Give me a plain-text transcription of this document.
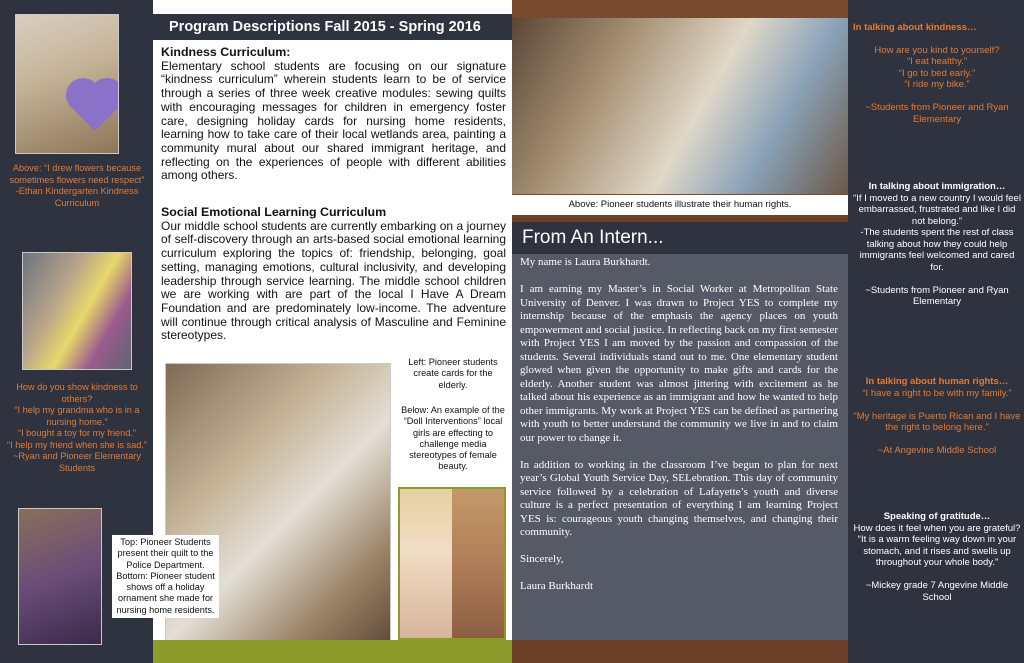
Above: “I drew flowers because sometimes flowers need respect”
-Ethan Kindergarten Kindness Curriculum
How do you show kindness to others?
“I help my grandma who is in a nursing home.”
“I bought a toy for my friend.”
“I help my friend when she is sad.”
~Ryan and Pioneer Elementary Students
Program Descriptions Fall 2015 - Spring 2016
Kindness Curriculum:

Elementary school students are focusing on our signature “kindness curriculum” wherein students learn to be of service through a series of three week creative modules: sewing quilts with encouraging messages for children in emergency foster care, designing holiday cards for nursing home residents, learning how to take care of their local wetlands area, painting a community mural about our shared immigrant heritage, and reflecting on the experiences of people with different abilities among others.

Social Emotional Learning Curriculum

Our middle school students are currently embarking on a journey of self-discovery through an arts-based social emotional learning curriculum exploring the topics of: friendship, belonging, goal setting, managing emotions, cultural inclusivity, and developing leadership through service learning. The middle school children we are working with are part of the local I Have A Dream Foundation and are predominately low-income. The adventure will continue through critical analysis of Masculine and Feminine stereotypes.

Left: Pioneer students create cards for the elderly.
Below: An example of the “Doll Interventions” local girls are effecting to challenge media stereotypes of female beauty.
Top: Pioneer Students present their quilt to the Police Department. Bottom: Pioneer student shows off a holiday ornament she made for nursing home residents.
Above: Pioneer students illustrate their human rights.
From An Intern...

My name is Laura Burkhardt.

I am earning my Master’s in Social Worker at Metropolitan State University of Denver. I was drawn to Project YES to complete my internship because of the emphasis the agency places on youth empowerment and social justice. In reflecting back on my first semester with Project YES I am moved by the passion and compassion of the students. Several individuals stand out to me. One elementary student glowed when given the opportunity to make gifts and cards for the elderly. Another student was almost jittering with excitement as he talked about his experience as an immigrant and how he wanted to help other immigrants. My work at Project YES can be defined as partnering with youth to better understand the community we live in and to claim our power to change it.

In addition to working in the classroom I’ve begun to plan for next year’s Global Youth Service Day, SELebration. This day of community service followed by a celebration of Lafayette’s youth and diverse culture is a perfect presentation of everything I am learning Project YES is: courageous youth changing themselves, and changing their community.

Sincerely,

Laura Burkhardt

In talking about kindness…
How are you kind to yourself?
“I eat healthy.”
“I go to bed early.”
“I ride my bike.”
~Students from Pioneer and Ryan Elementary
In talking about immigration…
“If I moved to a new country I would feel embarrassed, frustrated and like I did not belong.”
-The students spent the rest of class talking about how they could help immigrants feel welcomed and cared for.
~Students from Pioneer and Ryan Elementary
In talking about human rights…
“I have a right to be with my family.”
“My heritage is Puerto Rican and I have the right to belong here.”
~At Angevine Middle School
Speaking of gratitude…
How does it feel when you are grateful?
“It is a warm feeling way down in your stomach, and it rises and swells up throughout your whole body.”
~Mickey grade 7 Angevine Middle School
